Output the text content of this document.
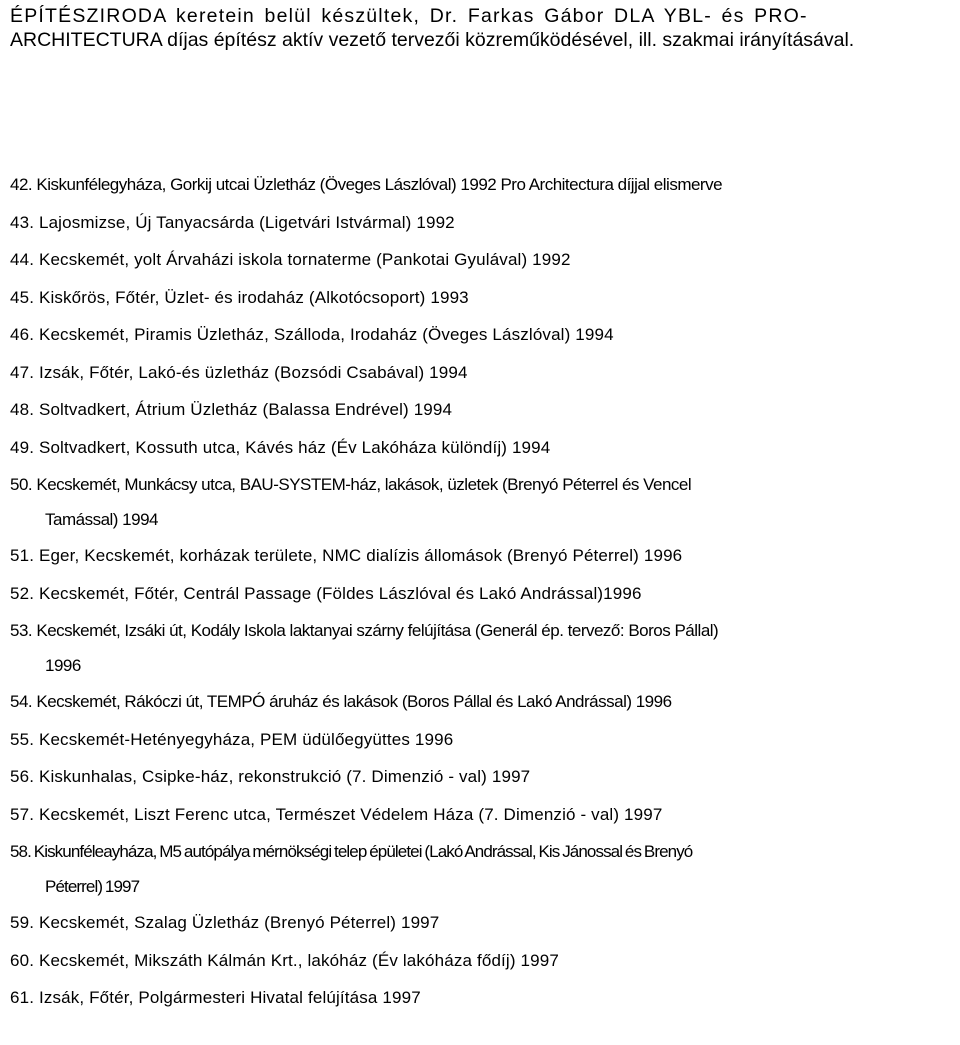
ÉPÍTÉSZIRODA keretein belül készültek, Dr. Farkas Gábor DLA YBL- és PRO-
ARCHITECTURA díjas építész aktív vezető tervezői közreműködésével, ill. szakmai irányításával.
42. Kiskunfélegyháza, Gorkij utcai Üzletház (Öveges Lászlóval) 1992 Pro Architectura díjjal elismerve
43. Lajosmizse, Új Tanyacsárda (Ligetvári Istvármal) 1992
44. Kecskemét, yolt Árvaházi iskola tornaterme (Pankotai Gyulával) 1992
45. Kiskőrös, Főtér, Üzlet- és irodaház (Alkotócsoport) 1993
46. Kecskemét, Piramis Üzletház, Szálloda, Irodaház (Öveges Lászlóval) 1994
47. Izsák, Főtér, Lakó-és üzletház (Bozsódi Csabával) 1994
48. Soltvadkert, Átrium Üzletház (Balassa Endrével) 1994
49. Soltvadkert, Kossuth utca, Kávés ház (Év Lakóháza különdíj) 1994
50. Kecskemét, Munkácsy utca, BAU-SYSTEM-ház, lakások, üzletek (Brenyó Péterrel és Vencel
Tamással) 1994
51. Eger, Kecskemét, korházak területe, NMC dialízis állomások (Brenyó Péterrel) 1996
52. Kecskemét, Főtér, Centrál Passage (Földes Lászlóval és Lakó Andrással)1996
53. Kecskemét, Izsáki út, Kodály Iskola laktanyai szárny felújítása (Generál ép. tervező: Boros Pállal)
1996
54. Kecskemét, Rákóczi út, TEMPÓ áruház és lakások (Boros Pállal és Lakó Andrással) 1996
55. Kecskemét-Hetényegyháza, PEM üdülőegyüttes 1996
56. Kiskunhalas, Csipke-ház, rekonstrukció (7. Dimenzió - val) 1997
57. Kecskemét, Liszt Ferenc utca, Természet Védelem Háza (7. Dimenzió - val) 1997
58. Kiskunféleayháza, M5 autópálya mérnökségi telep épületei (Lakó Andrással, Kis Jánossal és Brenyó
Péterrel) 1997
59. Kecskemét, Szalag Üzletház (Brenyó Péterrel) 1997
60. Kecskemét, Mikszáth Kálmán Krt., lakóház (Év lakóháza fődíj) 1997
61. Izsák, Főtér, Polgármesteri Hivatal felújítása 1997
